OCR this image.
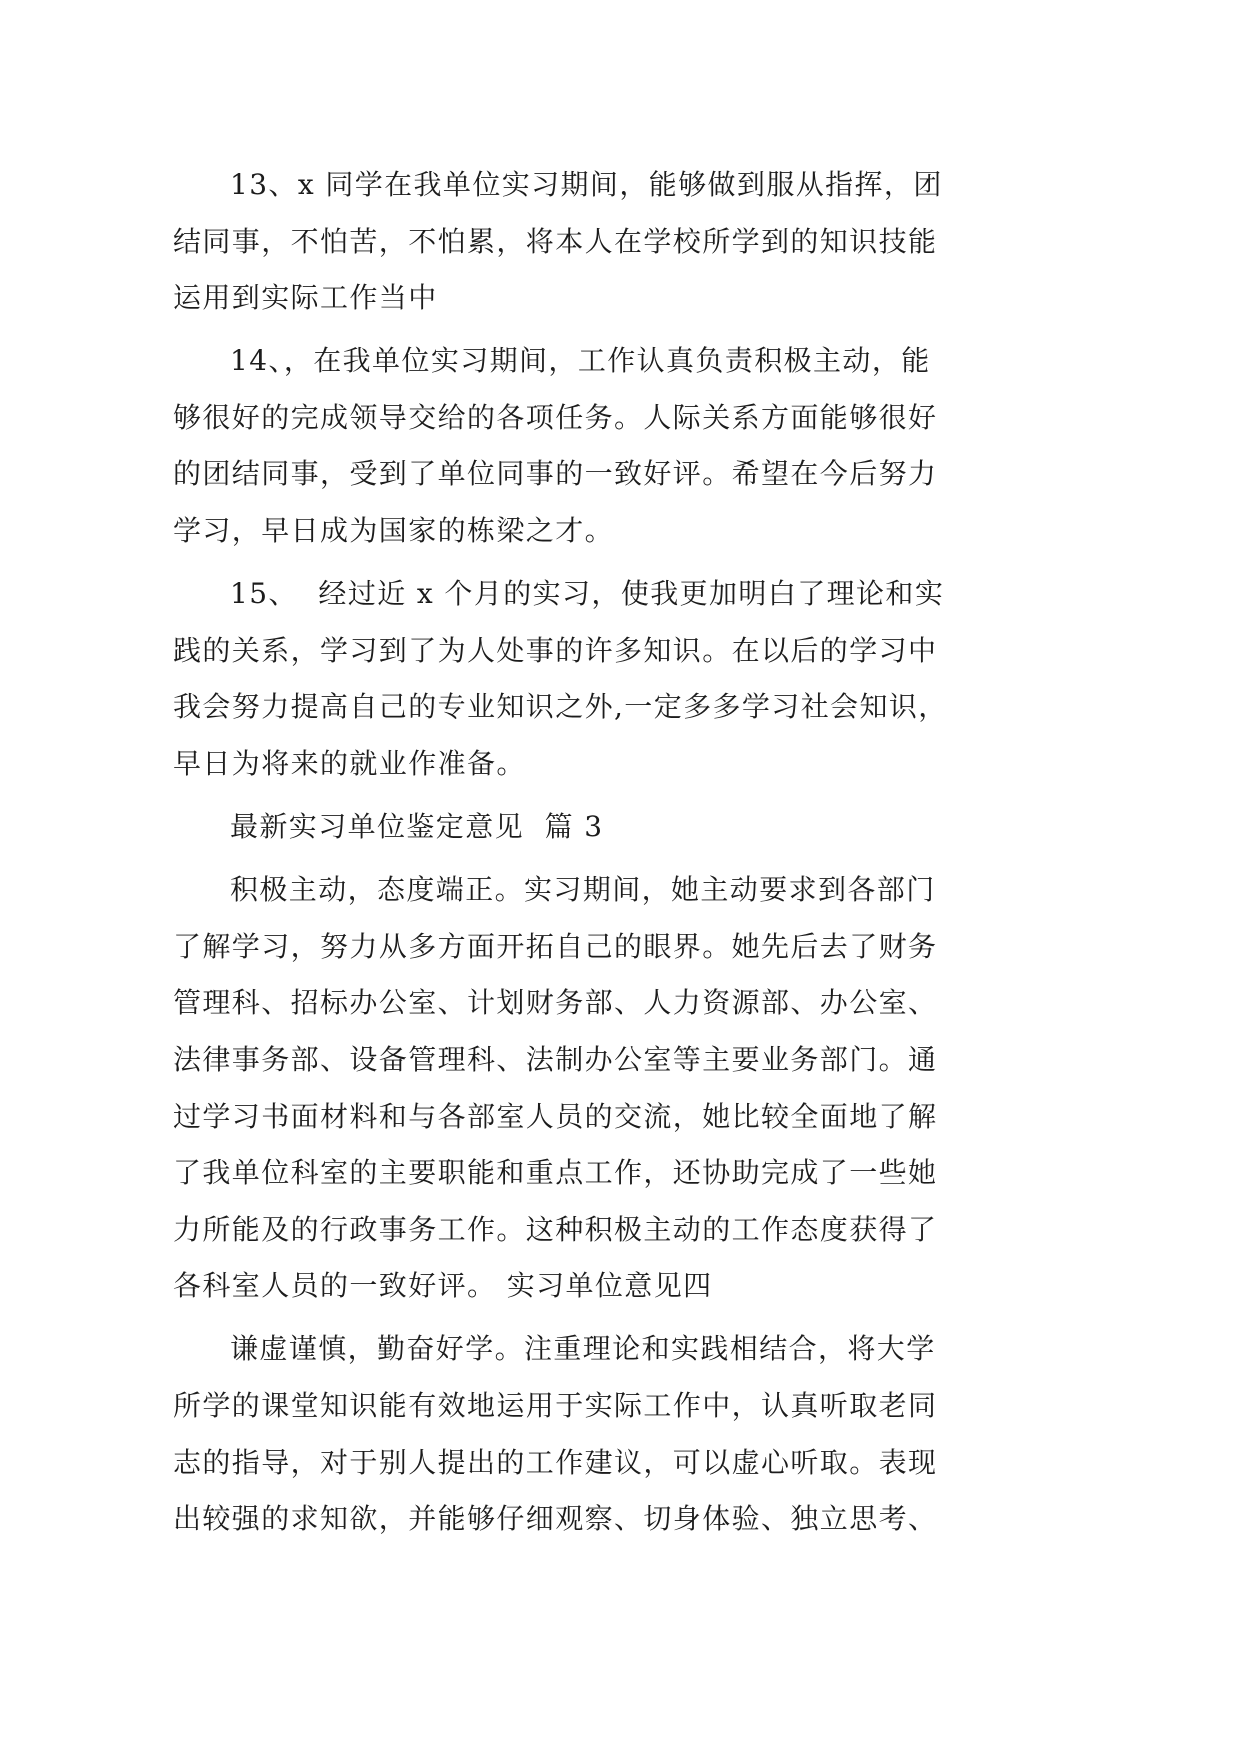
13、x 同学在我单位实习期间，能够做到服从指挥，团
结同事，不怕苦，不怕累，将本人在学校所学到的知识技能
运用到实际工作当中
14、，在我单位实习期间，工作认真负责积极主动，能
够很好的完成领导交给的各项任务。人际关系方面能够很好
的团结同事，受到了单位同事的一致好评。希望在今后努力
学习，早日成为国家的栋梁之才。
15、  经过近 x 个月的实习，使我更加明白了理论和实
践的关系，学习到了为人处事的许多知识。在以后的学习中
我会努力提高自己的专业知识之外,一定多多学习社会知识，
早日为将来的就业作准备。
最新实习单位鉴定意见  篇 3
积极主动，态度端正。实习期间，她主动要求到各部门
了解学习，努力从多方面开拓自己的眼界。她先后去了财务
管理科、招标办公室、计划财务部、人力资源部、办公室、
法律事务部、设备管理科、法制办公室等主要业务部门。通
过学习书面材料和与各部室人员的交流，她比较全面地了解
了我单位科室的主要职能和重点工作，还协助完成了一些她
力所能及的行政事务工作。这种积极主动的工作态度获得了
各科室人员的一致好评。 实习单位意见四
谦虚谨慎，勤奋好学。注重理论和实践相结合，将大学
所学的课堂知识能有效地运用于实际工作中，认真听取老同
志的指导，对于别人提出的工作建议，可以虚心听取。表现
出较强的求知欲，并能够仔细观察、切身体验、独立思考、
